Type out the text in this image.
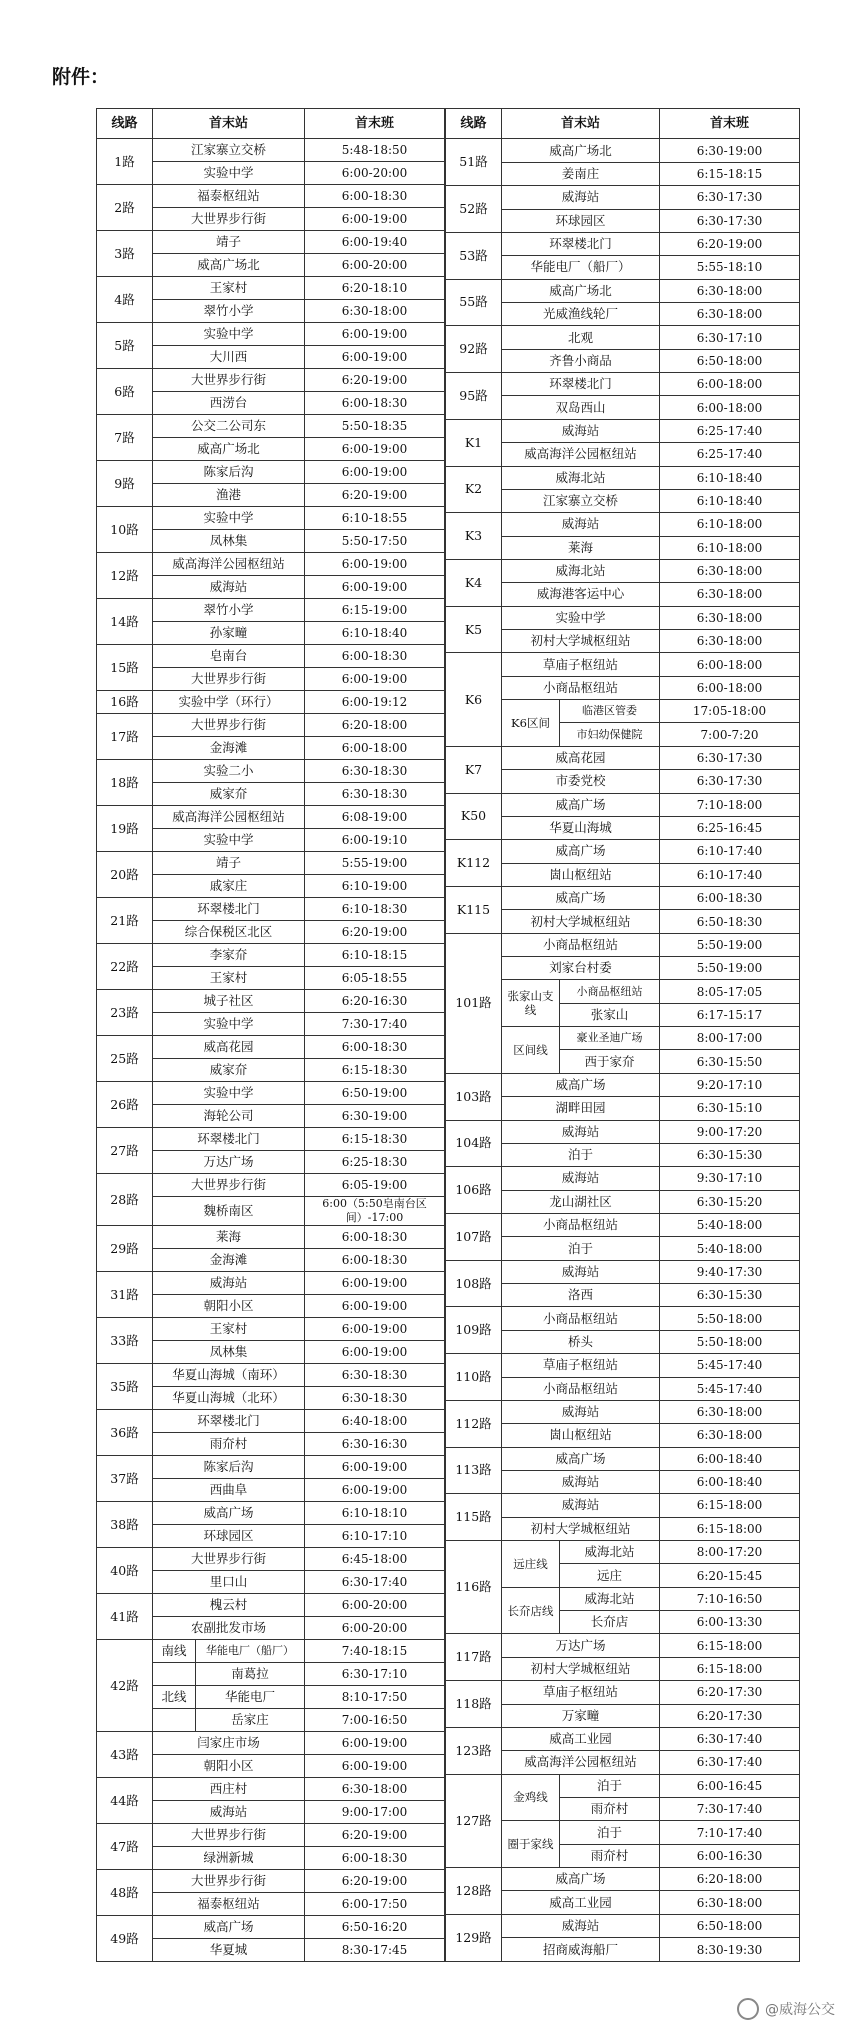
附件：
线路	首末站	首末班
1路	江家寨立交桥	5:48-18:50
	实验中学	6:00-20:00
2路	福泰枢纽站	6:00-18:30
	大世界步行街	6:00-19:00
3路	靖子	6:00-19:40
	威高广场北	6:00-20:00
4路	王家村	6:20-18:10
	翠竹小学	6:30-18:00
5路	实验中学	6:00-19:00
	大川西	6:00-19:00
6路	大世界步行街	6:20-19:00
	西涝台	6:00-18:30
7路	公交二公司东	5:50-18:35
	威高广场北	6:00-19:00
9路	陈家后沟	6:00-19:00
	渔港	6:20-19:00
10路	实验中学	6:10-18:55
	凤林集	5:50-17:50
12路	威高海洋公园枢纽站	6:00-19:00
	威海站	6:00-19:00
14路	翠竹小学	6:15-19:00
	孙家疃	6:10-18:40
15路	皂南台	6:00-18:30
	大世界步行街	6:00-19:00
16路	实验中学（环行）	6:00-19:12
17路	大世界步行街	6:20-18:00
	金海滩	6:00-18:00
18路	实验二小	6:30-18:30
	威家夼	6:30-18:30
19路	威高海洋公园枢纽站	6:08-19:00
	实验中学	6:00-19:10
20路	靖子	5:55-19:00
	戚家庄	6:10-19:00
21路	环翠楼北门	6:10-18:30
	综合保税区北区	6:20-19:00
22路	李家夼	6:10-18:15
	王家村	6:05-18:55
23路	城子社区	6:20-16:30
	实验中学	7:30-17:40
25路	威高花园	6:00-18:30
	威家夼	6:15-18:30
26路	实验中学	6:50-19:00
	海轮公司	6:30-19:00
27路	环翠楼北门	6:15-18:30
	万达广场	6:25-18:30
28路	大世界步行街	6:05-19:00
	魏桥南区	6:00（5:50皂南台区间）-17:00
29路	莱海	6:00-18:30
	金海滩	6:00-18:30
31路	威海站	6:00-19:00
	朝阳小区	6:00-19:00
33路	王家村	6:00-19:00
	凤林集	6:00-19:00
35路	华夏山海城（南环）	6:30-18:30
	华夏山海城（北环）	6:30-18:30
36路	环翠楼北门	6:40-18:00
	雨夼村	6:30-16:30
37路	陈家后沟	6:00-19:00
	西曲阜	6:00-19:00
38路	威高广场	6:10-18:10
	环球园区	6:10-17:10
40路	大世界步行街	6:45-18:00
	里口山	6:30-17:40
41路	槐云村	6:00-20:00
	农副批发市场	6:00-20:00
42路	南线 华能电厂（船厂）	7:40-18:15

	南葛拉	6:30-17:10

	北线 华能电厂	8:10-17:50

	岳家庄	7:00-16:50
43路	闫家庄市场	6:00-19:00
	朝阳小区	6:00-19:00
44路	西庄村	6:30-18:00
	威海站	9:00-17:00
47路	大世界步行街	6:20-19:00
	绿洲新城	6:00-18:30
48路	大世界步行街	6:20-19:00
	福泰枢纽站	6:00-17:50
49路	威高广场	6:50-16:20
	华夏城	8:30-17:45
线路	首末站		首末班
51路	威高广场北		6:30-19:00
	姜南庄		6:15-18:15
52路	威海站		6:30-17:30
	环球园区		6:30-17:30
53路	环翠楼北门		6:20-19:00
	华能电厂（船厂）		5:55-18:10
55路	威高广场北		6:30-18:00
	光威渔线轮厂		6:30-18:00
92路	北观		6:30-17:10
	齐鲁小商品		6:50-18:00
95路	环翠楼北门		6:00-18:00
	双岛西山		6:00-18:00
K1	威海站		6:25-17:40
	威高海洋公园枢纽站		6:25-17:40
K2	威海北站		6:10-18:40
	江家寨立交桥		6:10-18:40
K3	威海站		6:10-18:00
	莱海		6:10-18:00
K4	威海北站		6:30-18:00
	威海港客运中心		6:30-18:00
K5	实验中学		6:30-18:00
	初村大学城枢纽站		6:30-18:00
K6	草庙子枢纽站		6:00-18:00
	小商品枢纽站		6:00-18:00
	K6区间	临港区管委	17:05-18:00
		市妇幼保健院	7:00-7:20
K7	威高花园		6:30-17:30
	市委党校		6:30-17:30
K50	威高广场		7:10-18:00
	华夏山海城		6:25-16:45
K112	威高广场		6:10-17:40
	崮山枢纽站		6:10-17:40
K115	威高广场		6:00-18:30
	初村大学城枢纽站		6:50-18:30
101路	小商品枢纽站		5:50-19:00
	刘家台村委		5:50-19:00
	张家山支线	小商品枢纽站	8:05-17:05
		张家山	6:17-15:17
	区间线	豪业圣迪广场	8:00-17:00
		西于家夼	6:30-15:50
103路	威高广场		9:20-17:10
	湖畔田园		6:30-15:10
104路	威海站		9:00-17:20
	泊于		6:30-15:30
106路	威海站		9:30-17:10
	龙山湖社区		6:30-15:20
107路	小商品枢纽站		5:40-18:00
	泊于		5:40-18:00
108路	威海站		9:40-17:30
	洛西		6:30-15:30
109路	小商品枢纽站		5:50-18:00
	桥头		5:50-18:00
110路	草庙子枢纽站		5:45-17:40
	小商品枢纽站		5:45-17:40
112路	威海站		6:30-18:00
	崮山枢纽站		6:30-18:00
113路	威高广场		6:00-18:40
	威海站		6:00-18:40
115路	威海站		6:15-18:00
	初村大学城枢纽站		6:15-18:00
116路	远庄线	威海北站	8:00-17:20
		远庄	6:20-15:45
	长夼店线	威海北站	7:10-16:50
		长夼店	6:00-13:30
117路	万达广场		6:15-18:00
	初村大学城枢纽站		6:15-18:00
118路	草庙子枢纽站		6:20-17:30
	万家疃		6:20-17:30
123路	威高工业园		6:30-17:40
	威高海洋公园枢纽站		6:30-17:40
127路	金鸡线	泊于	6:00-16:45
		雨夼村	7:30-17:40
	圈于家线	泊于	7:10-17:40
		雨夼村	6:00-16:30
128路	威高广场		6:20-18:00
	威高工业园		6:30-18:00
129路	威海站		6:50-18:00
	招商威海船厂		8:30-19:30
@威海公交
